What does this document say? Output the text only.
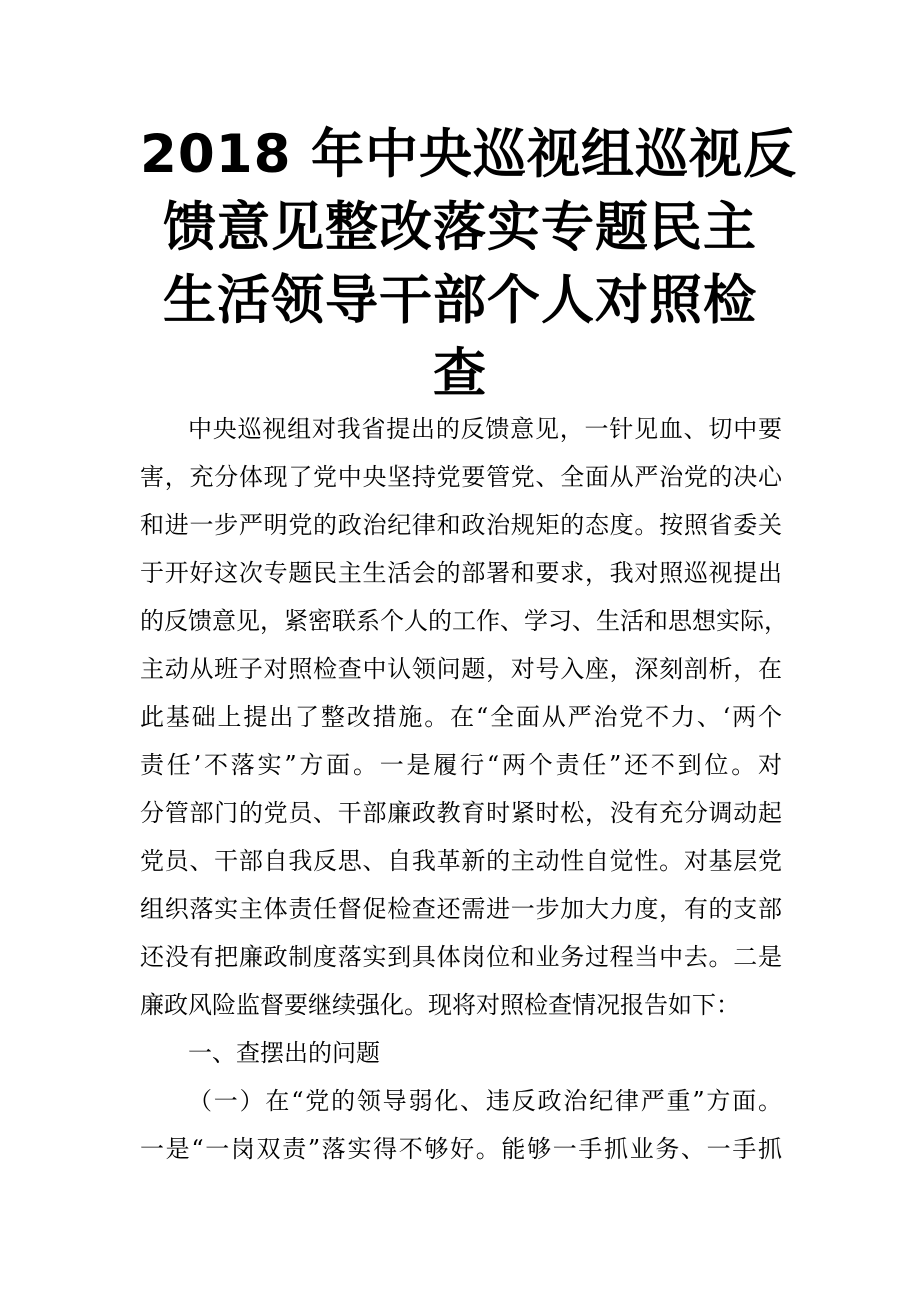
2018 年中央巡视组巡视反
馈意见整改落实专题民主
生活领导干部个人对照检
查
中央巡视组对我省提出的反馈意见，一针见血、切中要
害，充分体现了党中央坚持党要管党、全面从严治党的决心
和进一步严明党的政治纪律和政治规矩的态度。按照省委关
于开好这次专题民主生活会的部署和要求，我对照巡视提出
的反馈意见，紧密联系个人的工作、学习、生活和思想实际，
主动从班子对照检查中认领问题，对号入座，深刻剖析，在
此基础上提出了整改措施。在“全面从严治党不力、‘两个
责任’不落实”方面。一是履行“两个责任”还不到位。对
分管部门的党员、干部廉政教育时紧时松，没有充分调动起
党员、干部自我反思、自我革新的主动性自觉性。对基层党
组织落实主体责任督促检查还需进一步加大力度，有的支部
还没有把廉政制度落实到具体岗位和业务过程当中去。二是
廉政风险监督要继续强化。现将对照检查情况报告如下：
一、查摆出的问题
（一）在“党的领导弱化、违反政治纪律严重”方面。
一是“一岗双责”落实得不够好。能够一手抓业务、一手抓
